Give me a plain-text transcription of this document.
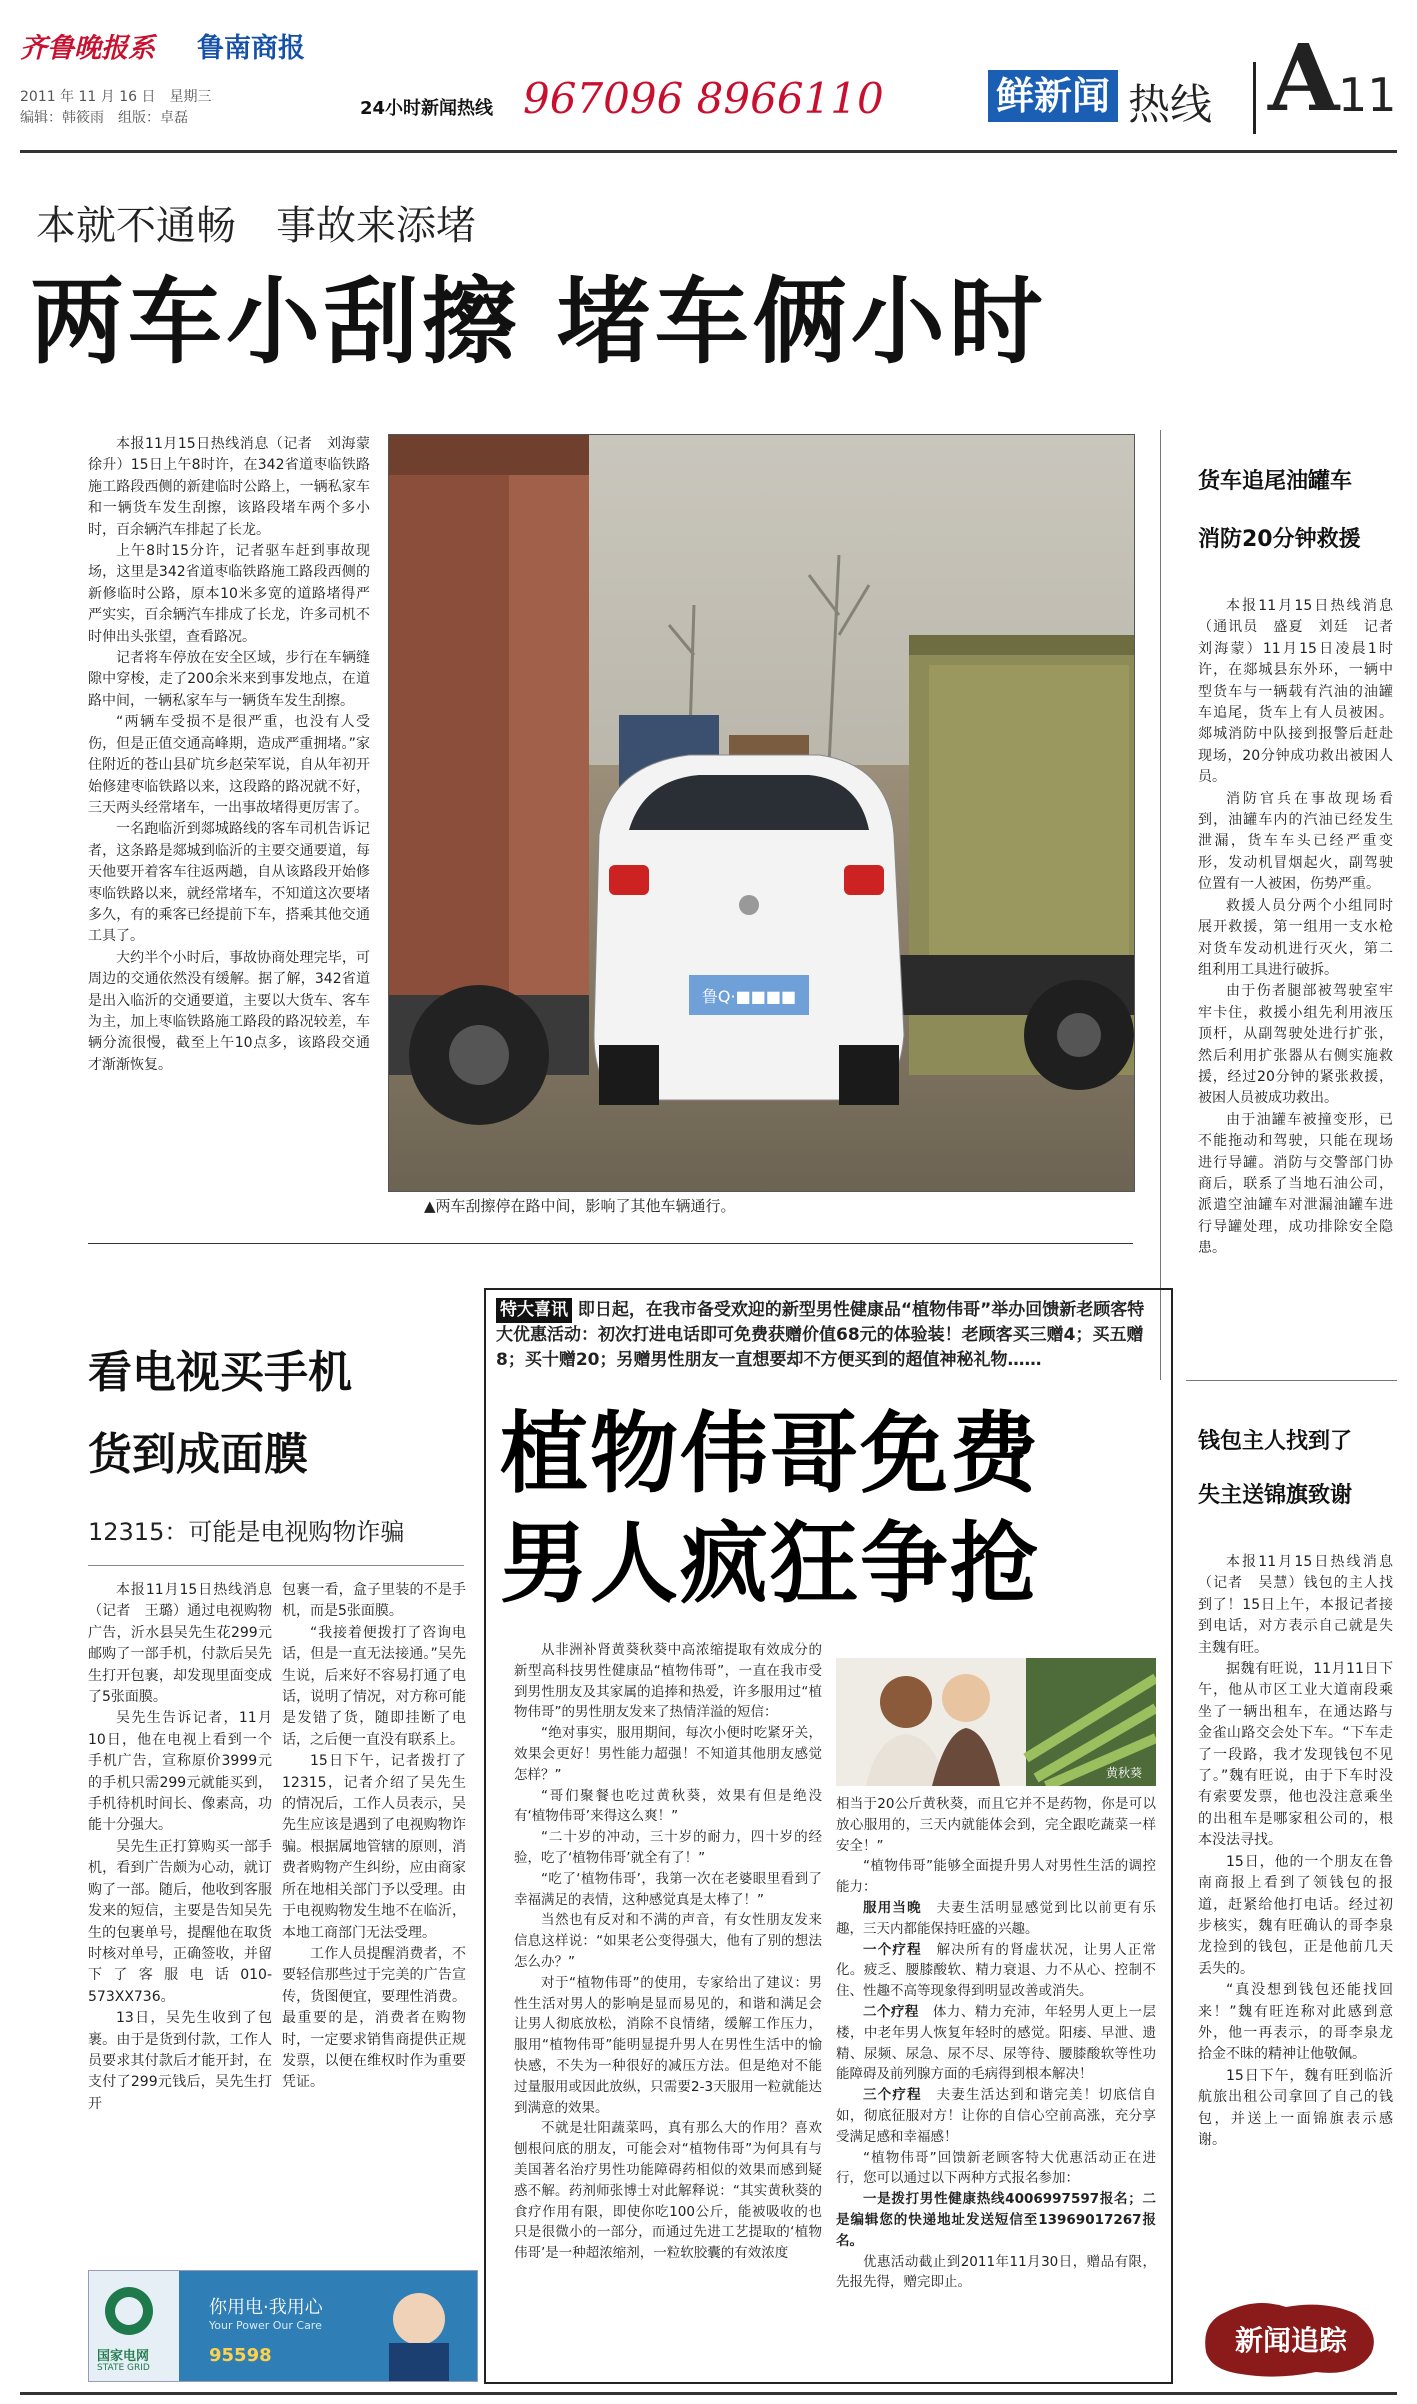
齐鲁晚报系 鲁南商报
2011 年 11 月 16 日　星期三
编辑：韩筱雨　组版：卓磊	24小时新闻热线 967096 8966110	鲜新闻 热线 A
11
本就不通畅　事故来添堵
两车小刮擦 堵车俩小时

本报11月15日热线消息（记者　刘海蒙　徐升）15日上午8时许，在342省道枣临铁路施工路段西侧的新建临时公路上，一辆私家车和一辆货车发生刮擦，该路段堵车两个多小时，百余辆汽车排起了长龙。

上午8时15分许，记者驱车赶到事故现场，这里是342省道枣临铁路施工路段西侧的新修临时公路，原本10米多宽的道路堵得严严实实，百余辆汽车排成了长龙，许多司机不时伸出头张望，查看路况。

记者将车停放在安全区域，步行在车辆缝隙中穿梭，走了200余米来到事发地点，在道路中间，一辆私家车与一辆货车发生刮擦。

“两辆车受损不是很严重，也没有人受伤，但是正值交通高峰期，造成严重拥堵。”家住附近的苍山县矿坑乡赵荣军说，自从年初开始修建枣临铁路以来，这段路的路况就不好，三天两头经常堵车，一出事故堵得更厉害了。

一名跑临沂到郯城路线的客车司机告诉记者，这条路是郯城到临沂的主要交通要道，每天他要开着客车往返两趟，自从该路段开始修枣临铁路以来，就经常堵车，不知道这次要堵多久，有的乘客已经提前下车，搭乘其他交通工具了。

大约半个小时后，事故协商处理完毕，可周边的交通依然没有缓解。据了解，342省道是出入临沂的交通要道，主要以大货车、客车为主，加上枣临铁路施工路段的路况较差，车辆分流很慢，截至上午10点多，该路段交通才渐渐恢复。

鲁Q·■■■■
▲两车刮擦停在路中间，影响了其他车辆通行。
货车追尾油罐车
消防20分钟救援

本报11月15日热线消息（通讯员　盛夏　刘廷　记者　刘海蒙）11月15日凌晨1时许，在郯城县东外环，一辆中型货车与一辆载有汽油的油罐车追尾，货车上有人员被困。郯城消防中队接到报警后赶赴现场，20分钟成功救出被困人员。

消防官兵在事故现场看到，油罐车内的汽油已经发生泄漏，货车车头已经严重变形，发动机冒烟起火，副驾驶位置有一人被困，伤势严重。

救援人员分两个小组同时展开救援，第一组用一支水枪对货车发动机进行灭火，第二组利用工具进行破拆。

由于伤者腿部被驾驶室牢牢卡住，救援小组先利用液压顶杆，从副驾驶处进行扩张，然后利用扩张器从右侧实施救援，经过20分钟的紧张救援，被困人员被成功救出。

由于油罐车被撞变形，已不能拖动和驾驶，只能在现场进行导罐。消防与交警部门协商后，联系了当地石油公司，派遣空油罐车对泄漏油罐车进行导罐处理，成功排除安全隐患。

钱包主人找到了
失主送锦旗致谢

本报11月15日热线消息（记者　吴慧）钱包的主人找到了！15日上午，本报记者接到电话，对方表示自己就是失主魏有旺。

据魏有旺说，11月11日下午，他从市区工业大道南段乘坐了一辆出租车，在通达路与金雀山路交会处下车。“下车走了一段路，我才发现钱包不见了。”魏有旺说，由于下车时没有索要发票，他也没注意乘坐的出租车是哪家租公司的，根本没法寻找。

15日，他的一个朋友在鲁南商报上看到了领钱包的报道，赶紧给他打电话。经过初步核实，魏有旺确认的哥李泉龙捡到的钱包，正是他前几天丢失的。

“真没想到钱包还能找回来！”魏有旺连称对此感到意外，他一再表示，的哥李泉龙拾金不昧的精神让他敬佩。

15日下午，魏有旺到临沂航旅出租公司拿回了自己的钱包，并送上一面锦旗表示感谢。

新闻追踪
看电视买手机
货到成面膜
12315：可能是电视购物诈骗

本报11月15日热线消息（记者　王璐）通过电视购物广告，沂水县吴先生花299元邮购了一部手机，付款后吴先生打开包裹，却发现里面变成了5张面膜。

吴先生告诉记者，11月10日，他在电视上看到一个手机广告，宣称原价3999元的手机只需299元就能买到，手机待机时间长、像素高，功能十分强大。

吴先生正打算购买一部手机，看到广告颇为心动，就订购了一部。随后，他收到客服发来的短信，主要是告知吴先生的包裹单号，提醒他在取货时核对单号，正确签收，并留下了客服电话010-573XX736。

13日，吴先生收到了包裹。由于是货到付款，工作人员要求其付款后才能开封，在支付了299元钱后，吴先生打开

包裹一看，盒子里装的不是手机，而是5张面膜。

“我接着便拨打了咨询电话，但是一直无法接通。”吴先生说，后来好不容易打通了电话，说明了情况，对方称可能是发错了货，随即挂断了电话，之后便一直没有联系上。

15日下午，记者拨打了12315，记者介绍了吴先生的情况后，工作人员表示，吴先生应该是遇到了电视购物诈骗。根据属地管辖的原则，消费者购物产生纠纷，应由商家所在地相关部门予以受理。由于电视购物发生地不在临沂，本地工商部门无法受理。

工作人员提醒消费者，不要轻信那些过于完美的广告宣传，货图便宜，要理性消费。最重要的是，消费者在购物时，一定要求销售商提供正规发票，以便在维权时作为重要凭证。

国家电网
STATE GRID
你用电·我用心
Your Power Our Care
95598
特大喜讯 即日起，在我市备受欢迎的新型男性健康品“植物伟哥”举办回馈新老顾客特大优惠活动：初次打进电话即可免费获赠价值68元的体验装！老顾客买三赠4；买五赠8；买十赠20；另赠男性朋友一直想要却不方便买到的超值神秘礼物……
植物伟哥免费
男人疯狂争抢

从非洲补肾黄葵秋葵中高浓缩提取有效成分的新型高科技男性健康品“植物伟哥”，一直在我市受到男性朋友及其家属的追捧和热爱，许多服用过“植物伟哥”的男性朋友发来了热情洋溢的短信：

“绝对事实，服用期间，每次小便时吃紧牙关，效果会更好！男性能力超强！不知道其他朋友感觉怎样？”

“哥们聚餐也吃过黄秋葵，效果有但是绝没有‘植物伟哥’来得这么爽！”

“二十岁的冲动，三十岁的耐力，四十岁的经验，吃了‘植物伟哥’就全有了！”

“吃了‘植物伟哥’，我第一次在老婆眼里看到了幸福满足的表情，这种感觉真是太棒了！”

当然也有反对和不满的声音，有女性朋友发来信息这样说：“如果老公变得强大，他有了别的想法怎么办？”

对于“植物伟哥”的使用，专家给出了建议：男性生活对男人的影响是显而易见的，和谐和满足会让男人彻底放松，消除不良情绪，缓解工作压力，服用“植物伟哥”能明显提升男人在男性生活中的愉快感，不失为一种很好的减压方法。但是绝对不能过量服用或因此放纵，只需要2-3天服用一粒就能达到满意的效果。

不就是壮阳蔬菜吗，真有那么大的作用？喜欢刨根问底的朋友，可能会对“植物伟哥”为何具有与美国著名治疗男性功能障碍药相似的效果而感到疑惑不解。药剂师张博士对此解释说：“其实黄秋葵的食疗作用有限，即使你吃100公斤，能被吸收的也只是很微小的一部分，而通过先进工艺提取的‘植物伟哥’是一种超浓缩剂，一粒软胶囊的有效浓度

黄秋葵

相当于20公斤黄秋葵，而且它并不是药物，你是可以放心服用的，三天内就能体会到，完全跟吃蔬菜一样安全！”

“植物伟哥”能够全面提升男人对男性生活的调控能力：

服用当晚　 夫妻生活明显感觉到比以前更有乐趣，三天内都能保持旺盛的兴趣。

一个疗程　 解决所有的肾虚状况，让男人正常化。疲乏、腰膝酸软、精力衰退、力不从心、控制不住、性趣不高等现象得到明显改善或消失。

二个疗程　 体力、精力充沛，年轻男人更上一层楼，中老年男人恢复年轻时的感觉。阳痿、早泄、遗精、尿频、尿急、尿不尽、尿等待、腰膝酸软等性功能障碍及前列腺方面的毛病得到根本解决！

三个疗程　 夫妻生活达到和谐完美！切底信自如，彻底征服对方！让你的自信心空前高涨，充分享受满足感和幸福感！

“植物伟哥”回馈新老顾客特大优惠活动正在进行，您可以通过以下两种方式报名参加：

一是拨打男性健康热线4006997597报名；二是编辑您的快递地址发送短信至13969017267报名。

优惠活动截止到2011年11月30日，赠品有限，先报先得，赠完即止。
